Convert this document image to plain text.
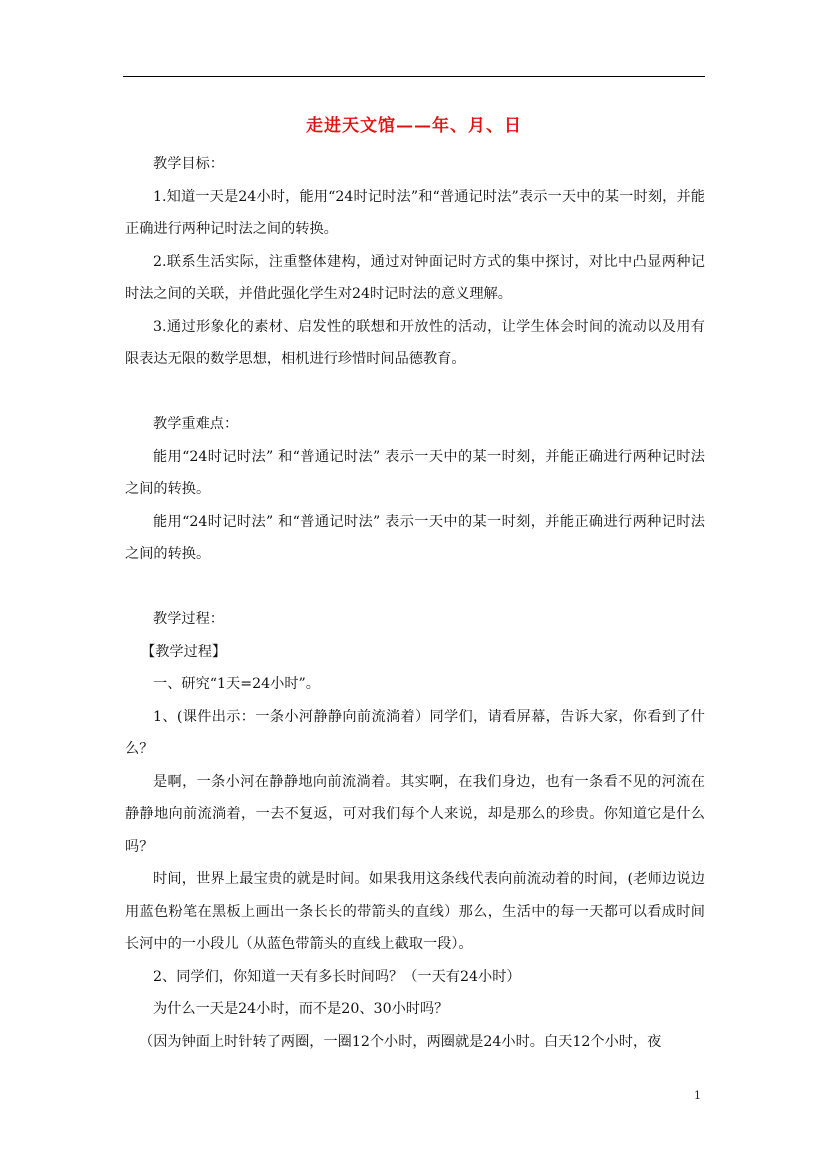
走进天文馆——年、月、日

教学目标：

1.知道一天是24小时，能用“24时记时法”和“普通记时法”表示一天中的某一时刻，并能正确进行两种记时法之间的转换。

2.联系生活实际，注重整体建构，通过对钟面记时方式的集中探讨，对比中凸显两种记时法之间的关联，并借此强化学生对24时记时法的意义理解。

3.通过形象化的素材、启发性的联想和开放性的活动，让学生体会时间的流动以及用有限表达无限的数学思想，相机进行珍惜时间品德教育。

教学重难点：

能用“24时记时法” 和“普通记时法” 表示一天中的某一时刻，并能正确进行两种记时法之间的转换。

能用“24时记时法” 和“普通记时法” 表示一天中的某一时刻，并能正确进行两种记时法之间的转换。

教学过程：

【教学过程】

一、研究“1天=24小时”。

1、(课件出示：一条小河静静向前流淌着）同学们，请看屏幕，告诉大家，你看到了什么？

是啊，一条小河在静静地向前流淌着。其实啊，在我们身边，也有一条看不见的河流在静静地向前流淌着，一去不复返，可对我们每个人来说，却是那么的珍贵。你知道它是什么吗？

时间，世界上最宝贵的就是时间。如果我用这条线代表向前流动着的时间，(老师边说边用蓝色粉笔在黑板上画出一条长长的带箭头的直线）那么，生活中的每一天都可以看成时间长河中的一小段儿（从蓝色带箭头的直线上截取一段）。

2、同学们，你知道一天有多长时间吗？（一天有24小时）

为什么一天是24小时，而不是20、30小时吗？

（因为钟面上时针转了两圈，一圈12个小时，两圈就是24小时。白天12个小时，夜

1
